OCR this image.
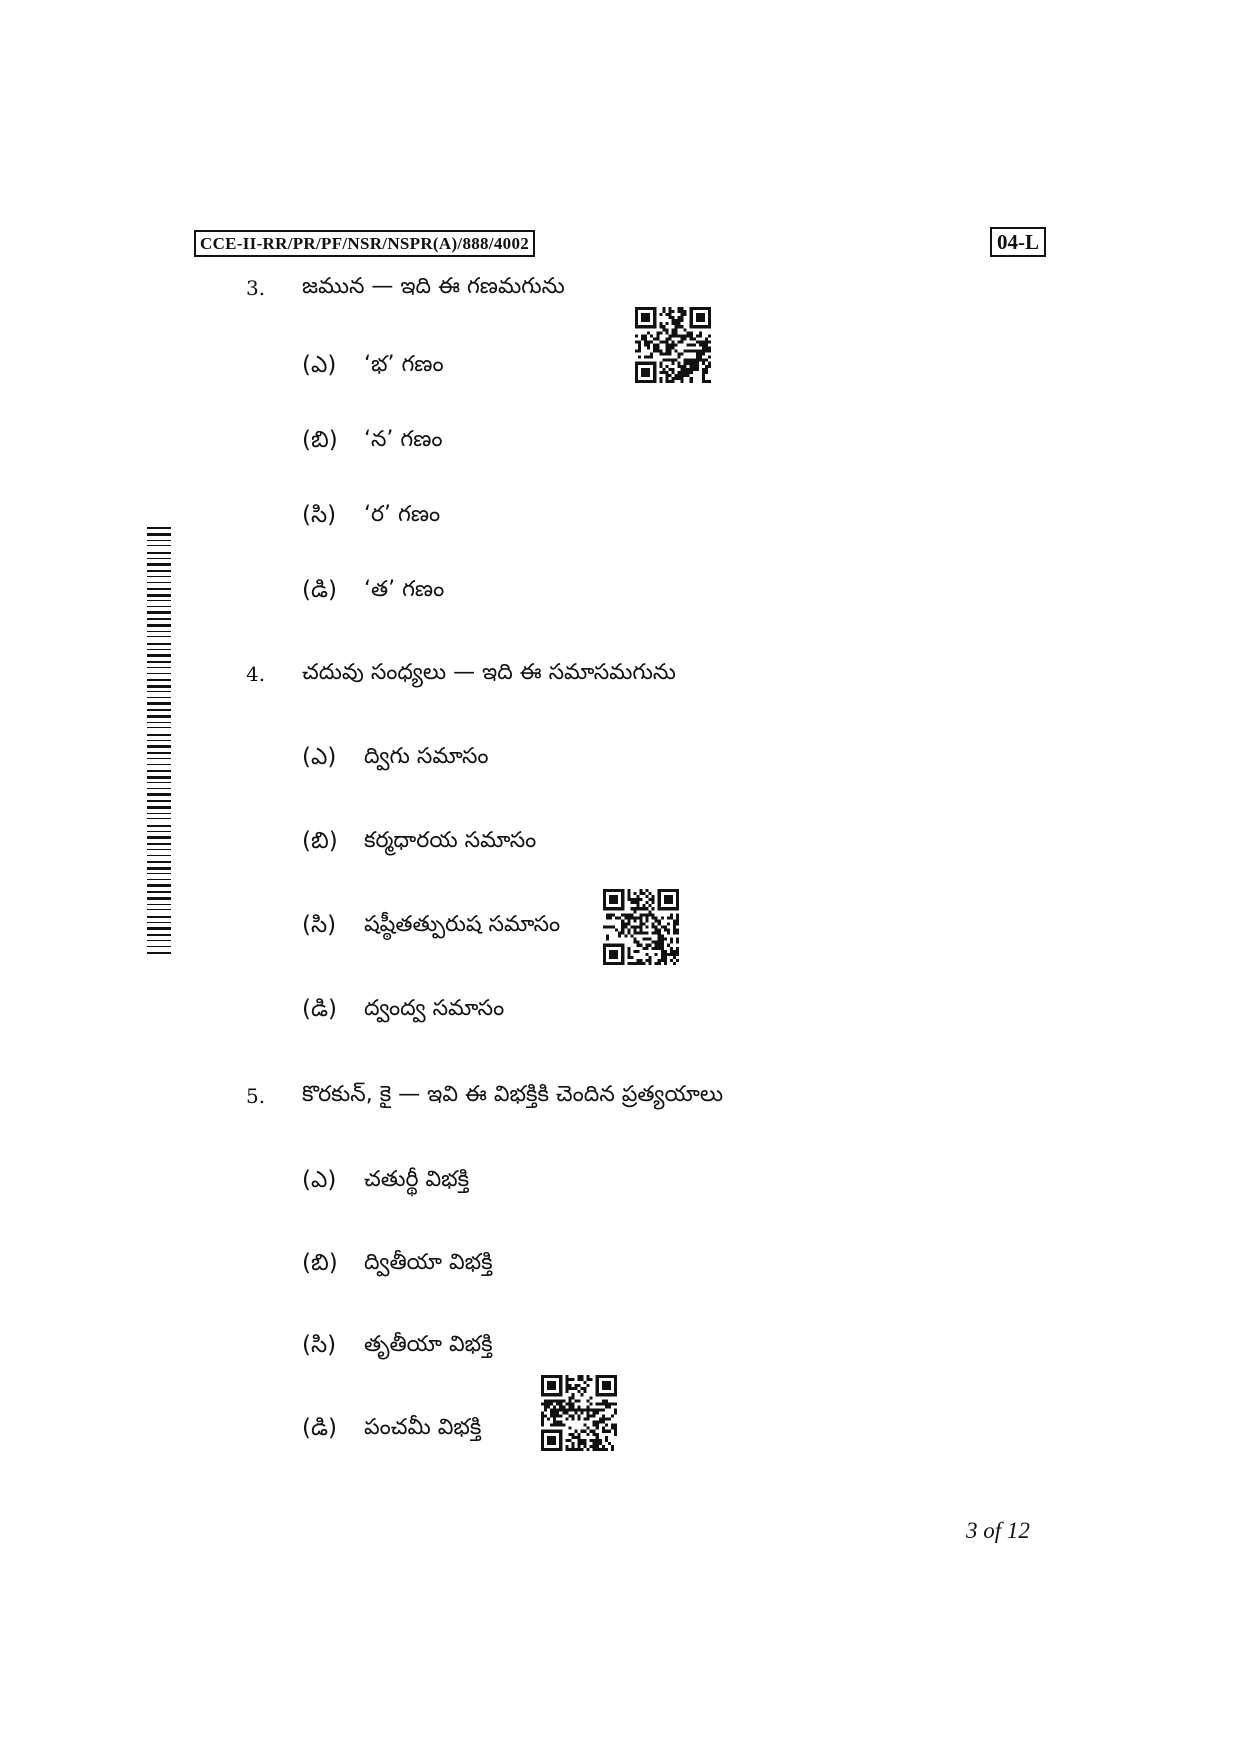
CCE-II-RR/PR/PF/NSR/NSPR(A)/888/4002	04-L
3. జమున — ఇది ఈ గణమగును
(ఎ)	‘భ’ గణం
(బి)	‘న’ గణం
(సి)	‘ర’ గణం
(డి)	‘త’ గణం
4. చదువు సంధ్యలు — ఇది ఈ సమాసమగును
(ఎ)	ద్విగు సమాసం
(బి)	కర్మధారయ సమాసం
(సి)	షష్ఠీతత్పురుష సమాసం
(డి)	ద్వంద్వ సమాసం
5. కొరకున్, కై — ఇవి ఈ విభక్తికి చెందిన ప్రత్యయాలు
(ఎ)	చతుర్థీ విభక్తి
(బి)	ద్వితీయా విభక్తి
(సి)	తృతీయా విభక్తి
(డి)	పంచమీ విభక్తి
3 of 12
